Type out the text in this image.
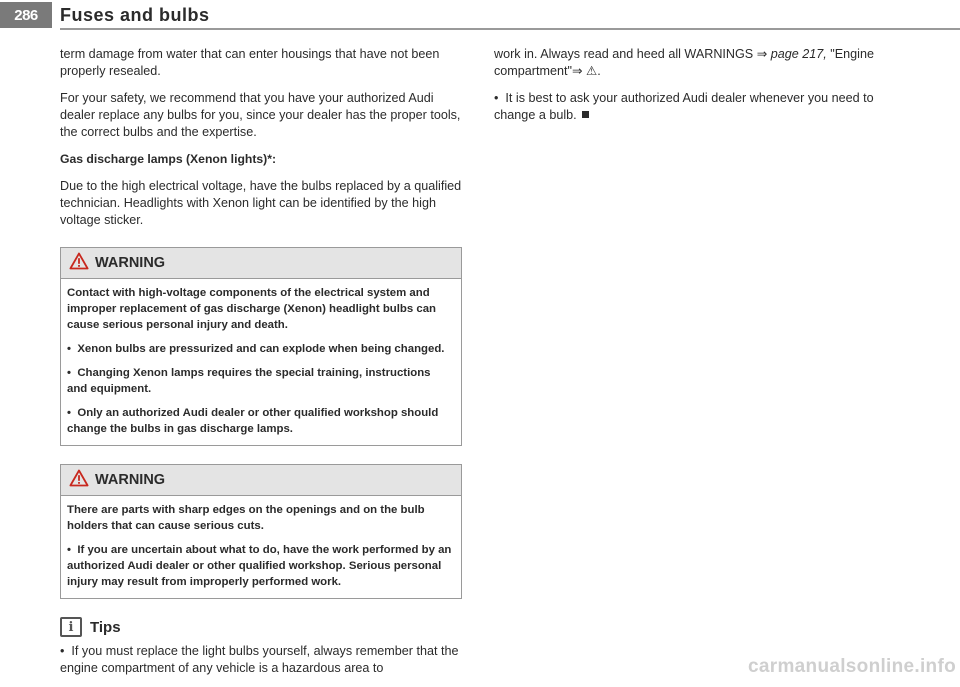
286	Fuses and bulbs

term damage from water that can enter housings that have not been properly resealed.

For your safety, we recommend that you have your authorized Audi dealer replace any bulbs for you, since your dealer has the proper tools, the correct bulbs and the expertise.

Gas discharge lamps (Xenon lights)*:

Due to the high electrical voltage, have the bulbs replaced by a qualified technician. Headlights with Xenon light can be identified by the high voltage sticker.

WARNING

Contact with high-voltage components of the electrical system and improper replacement of gas discharge (Xenon) headlight bulbs can cause serious personal injury and death.

•  Xenon bulbs are pressurized and can explode when being changed.

•  Changing Xenon lamps requires the special training, instructions and equipment.

•  Only an authorized Audi dealer or other qualified workshop should change the bulbs in gas discharge lamps.

WARNING

There are parts with sharp edges on the openings and on the bulb holders that can cause serious cuts.

•  If you are uncertain about what to do, have the work performed by an authorized Audi dealer or other qualified workshop. Serious personal injury may result from improperly performed work.

i	Tips

•  If you must replace the light bulbs yourself, always remember that the engine compartment of any vehicle is a hazardous area to

work in. Always read and heed all WARNINGS ⇒ page 217, "Engine compartment"⇒ ⚠.

•  It is best to ask your authorized Audi dealer whenever you need to change a bulb.

carmanualsonline.info
